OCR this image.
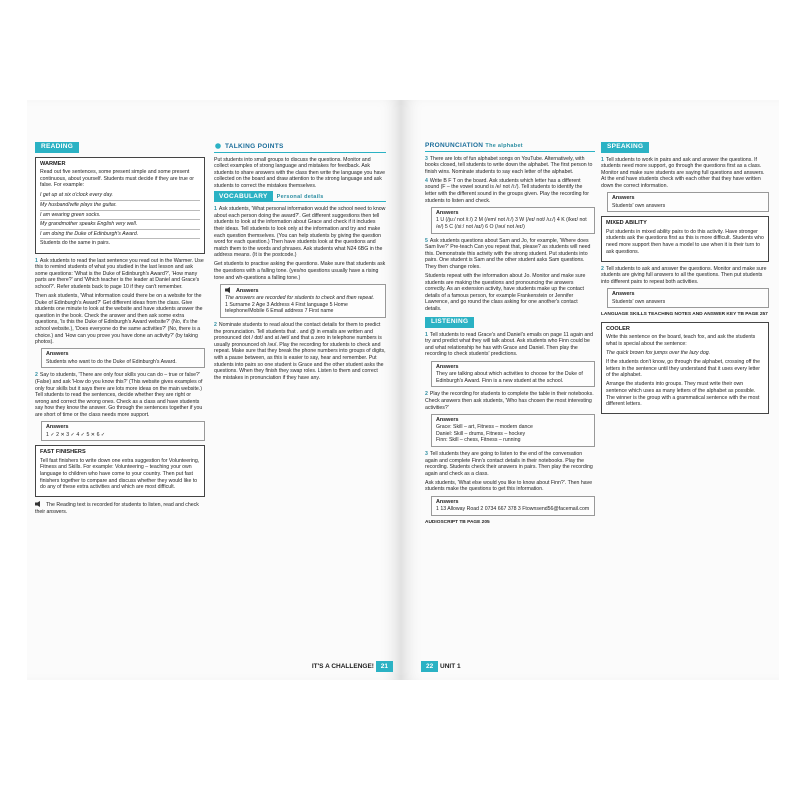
READING
WARMER

Read out five sentences, some present simple and some present continuous, about yourself. Students must decide if they are true or false. For example:

I get up at six o'clock every day.
My husband/wife plays the guitar.
I am wearing green socks.
My grandmother speaks English very well.
I am doing the Duke of Edinburgh's Award.

Students do the same in pairs.

1 Ask students to read the last sentence you read out in the Warmer. Use this to remind students of what you studied in the last lesson and ask some questions: 'What is the Duke of Edinburgh's Award?', 'How many parts are there?' and 'Which teacher is the leader at Daniel and Grace's school?'. Refer students back to page 10 if they can't remember.

Then ask students, 'What information could there be on a website for the Duke of Edinburgh's Award?' Get different ideas from the class. Give students one minute to look at the website and have students answer the question in the book. Check the answer and then ask some extra questions, 'Is this the Duke of Edinburgh's Award website?' (No, it's the school website.), 'Does everyone do the same activities?' (No, there is a choice.) and 'How can you prove you have done an activity?' (by taking photos).

Answers
Students who want to do the Duke of Edinburgh's Award.

2 Say to students, 'There are only four skills you can do – true or false?' (False) and ask 'How do you know this?' (This website gives examples of only four skills but it says there are lots more ideas on the main website.) Tell students to read the sentences, decide whether they are right or wrong and correct the wrong ones. Check as a class and have students say how they know the answer. Go through the sentences together if you are short of time or the class needs more support.

Answers
1 ✓ 2 ✕ 3 ✓ 4 ✓ 5 ✕ 6 ✓
FAST FINISHERS

Tell fast finishers to write down one extra suggestion for Volunteering, Fitness and Skills. For example: Volunteering – teaching your own language to children who have come to your country. Then put fast finishers together to compare and discuss whether they would like to do any of these extra activities and which are most difficult.

The Reading text is recorded for students to listen, read and check their answers.

TALKING POINTS

Put students into small groups to discuss the questions. Monitor and collect examples of strong language and mistakes for feedback. Ask students to share answers with the class then write the language you have collected on the board and draw attention to the strong language and ask students to correct the mistakes themselves.

VOCABULARY Personal details

1 Ask students, 'What personal information would the school need to know about each person doing the award?'. Get different suggestions then tell students to look at the information about Grace and check if it includes their ideas. Tell students to look only at the information and try and make each question themselves. (You can help students by giving the question word for each question.) Then have students look at the questions and match them to the words and phrases. Ask students what N24 6BG in the address means. (It is the postcode.)

Get students to practise asking the questions. Make sure that students ask the questions with a falling tone. (yes/no questions usually have a rising tone and wh-questions a falling tone.)

Answers
The answers are recorded for students to check and then repeat.
1 Surname 2 Age 3 Address 4 First language 5 Home telephone/Mobile 6 Email address 7 First name

2 Nominate students to read aloud the contact details for them to predict the pronunciation. Tell students that . and @ in emails are written and pronounced dot / dɒt/ and at /æt/ and that a zero in telephone numbers is usually pronounced oh /əʊ/. Play the recording for students to check and repeat. Make sure that they break the phone numbers into groups of digits, with a pause between, as this is easier to say, hear and remember. Put students into pairs so one student is Grace and the other student asks the questions. When they finish they swap roles. Listen to them and correct the mistakes in pronunciation if they have any.

IT'S A CHALLENGE! 21
PRONUNCIATION The alphabet

3 There are lots of fun alphabet songs on YouTube. Alternatively, with books closed, tell students to write down the alphabet. The first person to finish wins. Nominate students to say each letter of the alphabet.

4 Write B F T on the board. Ask students which letter has a different sound (F – the vowel sound is /e/ not /iː/). Tell students to identify the letter with the different sound in the groups given. Play the recording for students to listen and check.

Answers
1 U (/juː/ not /iː/) 2 M (/em/ not /iː/) 3 W (/eɪ/ not/ /uː/) 4 K (/keɪ/ not /e/) 5 C (/siː/ not /aɪ/) 6 O (/əʊ/ not /eɪ/)

5 Ask students questions about Sam and Jo, for example, 'Where does Sam live?' Pre-teach Can you repeat that, please? as students will need this. Demonstrate this activity with the strong student. Put students into pairs. One student is Sam and the other student asks Sam questions. They then change roles.

Students repeat with the information about Jo. Monitor and make sure students are making the questions and pronouncing the answers correctly. As an extension activity, have students make up the contact details of a famous person, for example Frankenstein or Jennifer Lawrence, and go round the class asking for one another's contact details.

LISTENING

1 Tell students to read Grace's and Daniel's emails on page 11 again and try and predict what they will talk about. Ask students who Finn could be and what relationship he has with Grace and Daniel. Then play the recording to check students' predictions.

Answers
They are talking about which activities to choose for the Duke of Edinburgh's Award. Finn is a new student at the school.

2 Play the recording for students to complete the table in their notebooks. Check answers then ask students, 'Who has chosen the most interesting activities?'

Answers
Grace: Skill – art, Fitness – modern dance
Daniel: Skill – drums, Fitness – hockey
Finn: Skill – chess, Fitness – running

3 Tell students they are going to listen to the end of the conversation again and complete Finn's contact details in their notebooks. Play the recording. Students check their answers in pairs. Then play the recording again and check as a class.

Ask students, 'What else would you like to know about Finn?'. Then have students make the questions to get this information.

Answers
1 13 Alloway Road 2 0734 667 378 3 Ftownsend56@facemail.com
AUDIOSCRIPT TB PAGE 205
SPEAKING

1 Tell students to work in pairs and ask and answer the questions. If students need more support, go through the questions first as a class. Monitor and make sure students are saying full questions and answers. At the end have students check with each other that they have written down the correct information.

Answers
Students' own answers
MIXED ABILITY

Put students in mixed ability pairs to do this activity. Have stronger students ask the questions first as this is more difficult. Students who need more support then have a model to use when it is their turn to ask questions.

2 Tell students to ask and answer the questions. Monitor and make sure students are giving full answers to all the questions. Then put students into different pairs to repeat both activities.

Answers
Students' own answers
LANGUAGE SKILLS TEACHING NOTES AND ANSWER KEY TB PAGE 257
COOLER

Write this sentence on the board, teach fox, and ask the students what is special about the sentence:

The quick brown fox jumps over the lazy dog.

If the students don't know, go through the alphabet, crossing off the letters in the sentence until they understand that it uses every letter of the alphabet.

Arrange the students into groups. They must write their own sentence which uses as many letters of the alphabet as possible. The winner is the group with a grammatical sentence with the most different letters.

22 UNIT 1
